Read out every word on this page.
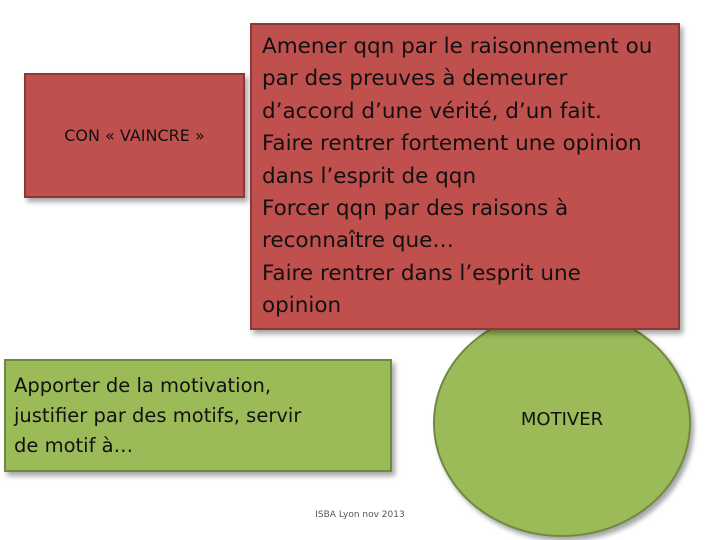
CON « VAINCRE »
MOTIVER
Amener qqn par le raisonnement ou
par des preuves à demeurer
d’accord d’une vérité, d’un fait.
Faire rentrer fortement une opinion
dans l’esprit de qqn
Forcer qqn par des raisons à
reconnaître que…
Faire rentrer dans l’esprit une
opinion
Apporter de la motivation,
justifier par des motifs, servir
de motif à…
ISBA Lyon nov 2013
